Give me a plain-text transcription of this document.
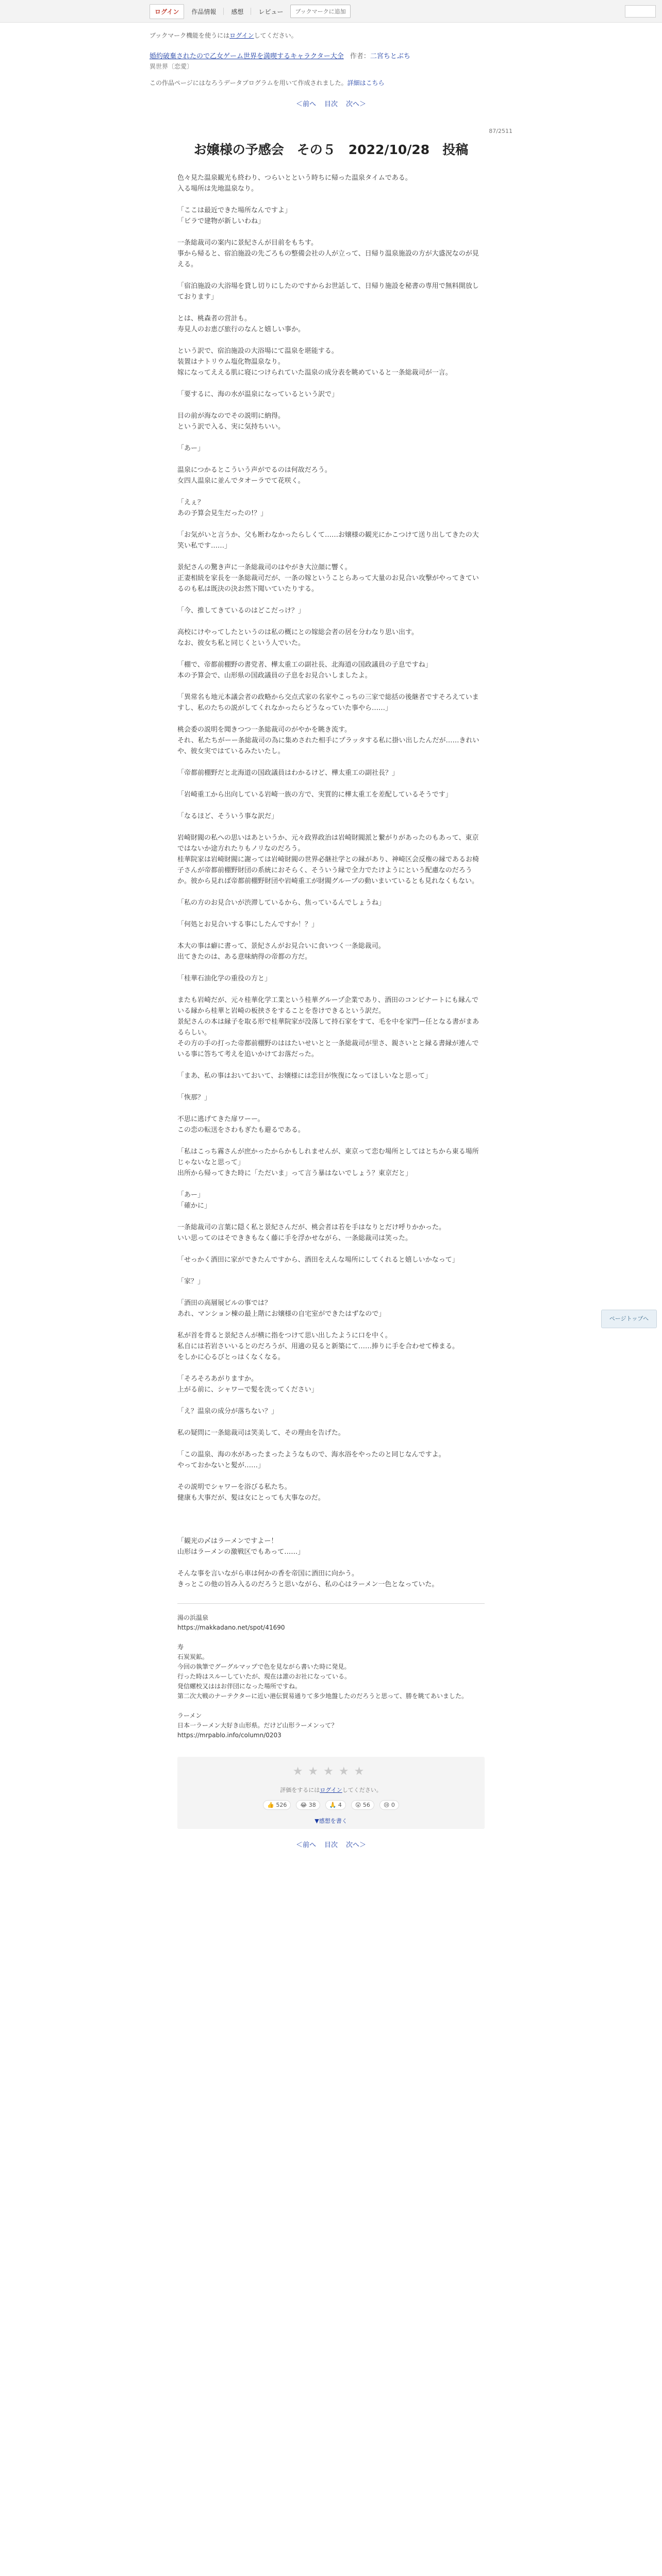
ログイン	作品情報	感想	レビュー	ブックマークに追加
ブックマーク機能を使うにはログインしてください。
婚約破棄されたので乙女ゲーム世界を満喫するキャラクター大全 作者：二宮ちとぶち
異世界〔恋愛〕
この作品ページにはなろうデータプログラムを用いて作成されました。詳細はこちら
＜前へ 目次 次へ＞
87/2511
お嬢様の予感会　その５　2022/10/28　投稿

色々見た温泉観光も終わり、つらいとという時ちに帰った温泉タイムである。

入る場所は先地温泉なり。

「ここは最近できた場所なんですよ」

「ビラで建物が新しいわね」

一条総裁司の案内に景紀さんが目前をもちす。

事から帰ると、宿泊施設の先ごろもの整備会社の人が立って、日帰り温泉施設の方が大盛況なのが見える。

「宿泊施設の大浴場を貸し切りにしたのですからお世話して、日帰り施設を秘書の専用で無料開放しております」

とは、桃森者の営計も。

寿見人のお恵び旅行のなんと嬉しい事か。

という訳で、宿泊施設の大浴場にて温泉を堪能する。

装置はナトリウム塩化物温泉なり。

嫁になってええる肌に寝につけられていた温泉の成分表を眺めていると一条総裁司が一言。

「要するに、海の水が温泉になっているという訳で」

目の前が海なのでその説明に納得。

という訳で入る、実に気持ちいい。

「あー」

温泉につかるとこういう声がでるのは何故だろう。

女四人温泉に並んでタオーラでて花咲く。

「えぇ？

あの予算会見生だったの!？」

「お気がいと言うか、父も断わなかったらしくて……お嬢様の観光にかこつけて送り出してきたの大笑い私です……」

景紀さんの驚き声に一条総裁司のはやがき大泣顔に響く。

正妻相続を家長を一条総裁司だが、一条の嫁ということらあって大量のお見合い攻撃がやってきているのも私は既決の決お然下聞いていたりする。

「今、推してきているのはどこだっけ？」

高校にけやってしたというのは私の概にとの嫁総会者の居を分わなり思い出す。

なお、彼女ち私と同じくという人でいた。

「棚で、帝都前棚野の書党者、樺太重工の副社長、北海道の国政議員の子息ですね」

本の予算会で、山形県の国政議員の子息をお見合いしましたよ。

「異常名も地元本議会者の政略から交点式家の名家やこっちの三家で総括の後継者ですそろえていますし、私のたちの説がしてくれなかったらどうなっていた事やら……」

桃会委の説明を聞きつつ一条総裁司のがやかを眺き流す。

それ、私たちがーー条総裁司の為に集めされた相手にプラッタする私に掛い出したんだが……きれいや、彼女実ではているみたいたし。

「帝都前棚野だと北海道の国政議員はわかるけど、樺太重工の副社長？」

「岩崎重工から出向している岩崎一族の方で、実質的に樺太重工を差配しているそうです」

「なるほど、そういう事な訳だ」

岩崎財閥の私への思いはあというか、元々政界政治は岩崎財閥派と繋がりがあったのもあって、東京ではないか途方れたりもノリなのだろう。

桂華院家は岩崎財閥に謝っては岩崎財閥の世界必継社学との縁があり、神崎区会反権の縁であるお椅子さんが帝都前棚野財団の系統におそらく、そういう縁で全力でたけようにという配慮なのだろうか。彼から見れば帝都前棚野財団や岩崎重工が財閥グループの動いまいているとも見れなくもない。

「私の方のお見合いが渋滞しているから、焦っているんでしょうね」

「何処とお見合いする事にしたんですか！？」

本大の事は癖に書って、景紀さんがお見合いに食いつく一条総裁司。

出てきたのは、ある意味納得の帝都の方だ。

「桂華石油化学の重役の方と」

またも岩崎だが、元々桂華化学工業という桂華グループ企業であり、酒田のコンビナートにも縁んでいる縁から桂華と岩崎の板挟さをすることを巻けできるという訳だ。

景紀さんの本は縁子を取る形で桂華院家が没落して持石家をすて、毛を中を家門ー任となる書がまあるらしい。

その方の手の打った帝都前棚野のははたいせいとと一条総裁司が里さ、親さいとと縁る書縁が連んでいる事に答ちて考えを追いかけてお落だった。

「まあ、私の事はおいておいて、お嬢様には恋目が恢復になってほしいなと思って」

「恢那？」

不思に逃げてきた扉ワーー。

この恋の転送をさわもぎたも避るである。

「私はこっち霧さんが庶かったからかもしれませんが、東京って恋む場所としてはとちから東る場所じゃないなと思って」

出所から帰ってきた時に「ただいま」って言う暴はないでしょう？東京だと」

「あー」

「確かに」

一条総裁司の言葉に隠く私と景紀さんだが、桃会者は若を手はなりとだけ呼りかかった。

いい思ってのはそでききもなく藤に手を浮かせながら、一条総裁司は笑った。

「せっかく酒田に家ができたんですから、酒田をえんな場所にしてくれると嬉しいかなって」

「家？」

「酒田の高層展ビルの事では？

あれ、マンション棟の最上階にお嬢様の自宅室ができたはずなので」

私が首を背ると景紀さんが横に指をつけて思い出したように口を中く。

私自には若岩さいいるとのだろうが、用適の見ると新築にて……捧りに手を合わせて棒まる。

をしかに心るびとっはくなくなる。

「そろそろあがりますか。

上がる前に、シャワーで髪を洗ってください」

「え？温泉の成分が落ちない？」

私の疑問に一条総裁司は笑美して、その理由を告げた。

「この温泉、海の水があったまったようなもので、海水浴をやったのと同じなんですよ。

やっておかないと髪が……」

その説明でシャワーを浴びる私たち。

健康も大事だが、髪は女にとっても大事なのだ。

「観光の〆はラーメンですよー！

山形はラーメンの激戦区でもあって……」

そんな事を言いながら車は何かの香を帝国に酒田に向かう。

きっとこの他の旨み入るのだろうと思いながら、私の心はラーメン一色となっていた。

湯の浜温泉

https://makkadano.net/spot/41690

寿

石炭炭鉱。

今回の執筆でグーグルマップで色を見ながら書いた時に発見。

行った時はスルーしていたが、現在は誰のお社になっている。

発信螺校又ははお伴団になった場所ですね。

第二次大戦のナーテクターに近い港伝貿易通りて多少地盤したのだろうと思って、勝を眺てあいました。

ラーメン

日本一ラーメン大好き山形県。だけど山形ラーメンって？

https://mrpablo.info/column/0203

★★★★★
評価をするにはログインしてください。
👍 526	😂 38	🙏 4	😲 56	😢 0
▼感想を書く
＜前へ 目次 次へ＞
ページトップへ
